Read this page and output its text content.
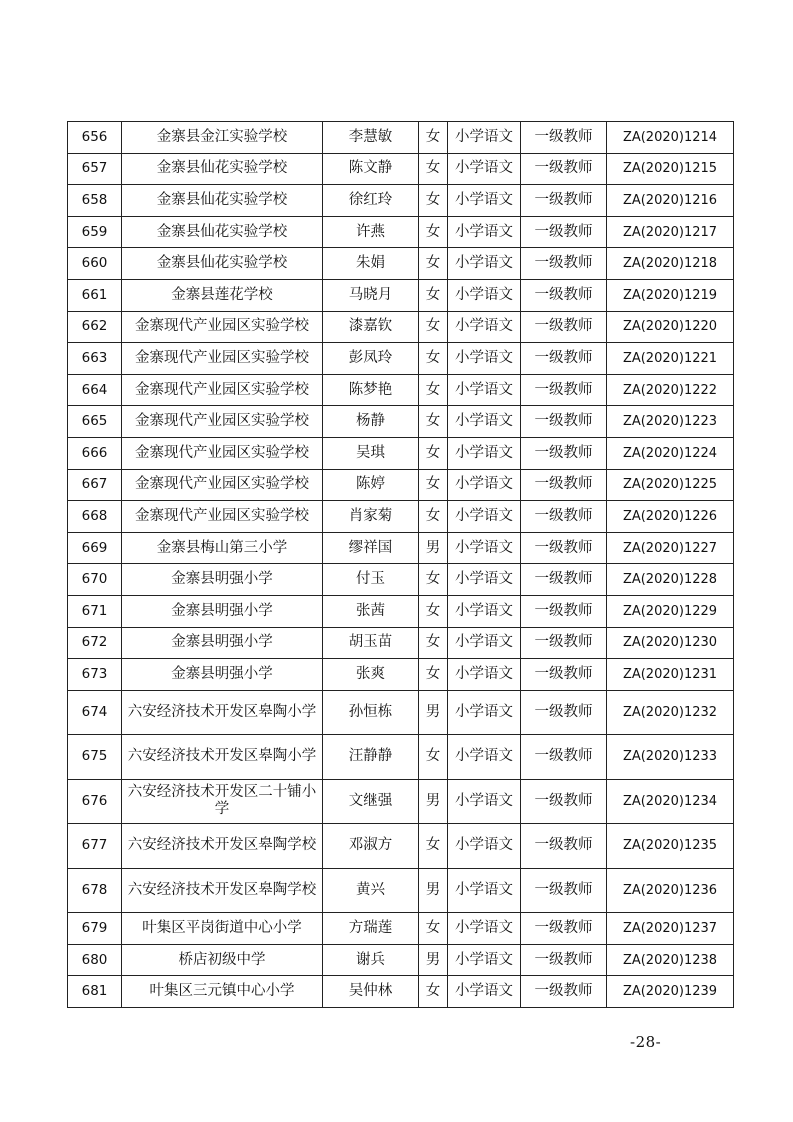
656	金寨县金江实验学校	李慧敏	女	小学语文	一级教师	ZA(2020)1214
657	金寨县仙花实验学校	陈文静	女	小学语文	一级教师	ZA(2020)1215
658	金寨县仙花实验学校	徐红玲	女	小学语文	一级教师	ZA(2020)1216
659	金寨县仙花实验学校	许燕	女	小学语文	一级教师	ZA(2020)1217
660	金寨县仙花实验学校	朱娟	女	小学语文	一级教师	ZA(2020)1218
661	金寨县莲花学校	马晓月	女	小学语文	一级教师	ZA(2020)1219
662	金寨现代产业园区实验学校	漆嘉钦	女	小学语文	一级教师	ZA(2020)1220
663	金寨现代产业园区实验学校	彭凤玲	女	小学语文	一级教师	ZA(2020)1221
664	金寨现代产业园区实验学校	陈梦艳	女	小学语文	一级教师	ZA(2020)1222
665	金寨现代产业园区实验学校	杨静	女	小学语文	一级教师	ZA(2020)1223
666	金寨现代产业园区实验学校	吴琪	女	小学语文	一级教师	ZA(2020)1224
667	金寨现代产业园区实验学校	陈婷	女	小学语文	一级教师	ZA(2020)1225
668	金寨现代产业园区实验学校	肖家菊	女	小学语文	一级教师	ZA(2020)1226
669	金寨县梅山第三小学	缪祥国	男	小学语文	一级教师	ZA(2020)1227
670	金寨县明强小学	付玉	女	小学语文	一级教师	ZA(2020)1228
671	金寨县明强小学	张茜	女	小学语文	一级教师	ZA(2020)1229
672	金寨县明强小学	胡玉苗	女	小学语文	一级教师	ZA(2020)1230
673	金寨县明强小学	张爽	女	小学语文	一级教师	ZA(2020)1231
674	六安经济技术开发区皋陶小学	孙恒栋	男	小学语文	一级教师	ZA(2020)1232
675	六安经济技术开发区皋陶小学	汪静静	女	小学语文	一级教师	ZA(2020)1233
676	六安经济技术开发区二十铺小学	文继强	男	小学语文	一级教师	ZA(2020)1234
677	六安经济技术开发区皋陶学校	邓淑方	女	小学语文	一级教师	ZA(2020)1235
678	六安经济技术开发区皋陶学校	黄兴	男	小学语文	一级教师	ZA(2020)1236
679	叶集区平岗街道中心小学	方瑞莲	女	小学语文	一级教师	ZA(2020)1237
680	桥店初级中学	谢兵	男	小学语文	一级教师	ZA(2020)1238
681	叶集区三元镇中心小学	吴仲林	女	小学语文	一级教师	ZA(2020)1239
-28-
